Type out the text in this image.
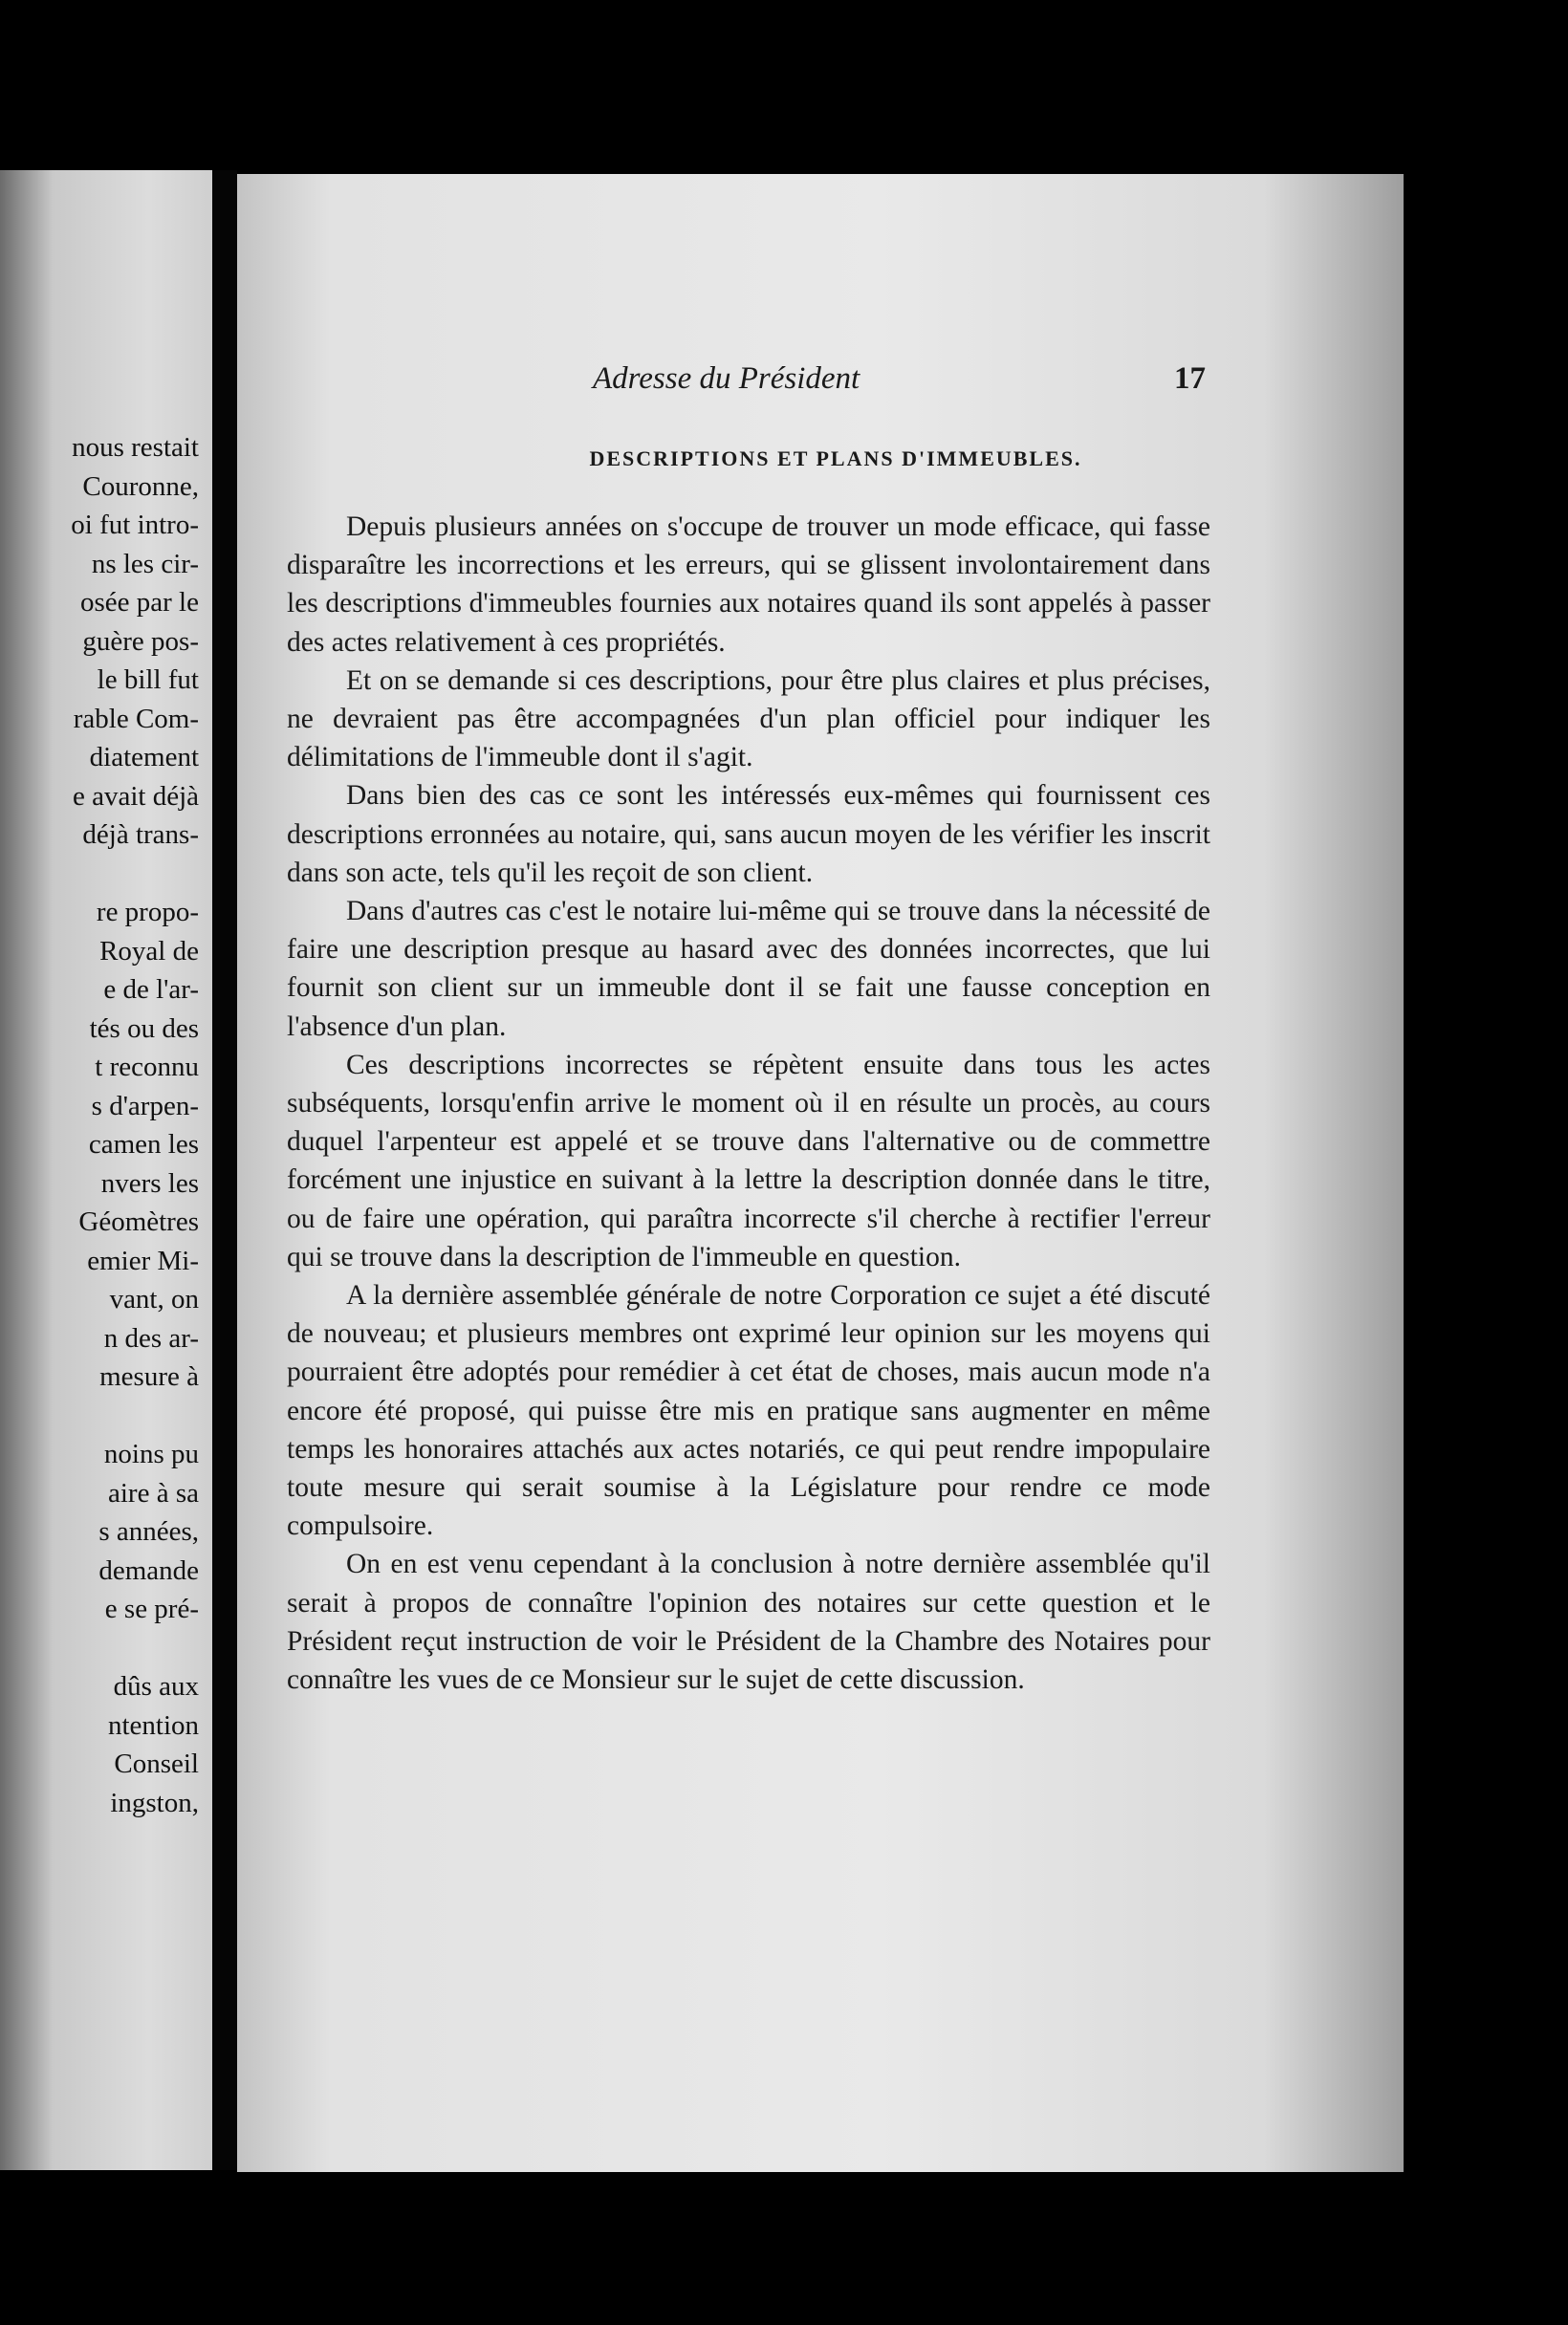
nous restait
Couronne,
oi fut intro-
ns les cir-
osée par le
guère pos-
le bill fut
rable Com-
diatement
e avait déjà
déjà trans-

re propo-
Royal de
e de l'ar-
tés ou des
t reconnu
s d'arpen-
camen les
nvers les
Géomètres
emier Mi-
vant, on
n des ar-
mesure à

noins pu
aire à sa
s années,
demande
e se pré-

dûs aux
ntention
Conseil
ingston,
Adresse du Président	17
DESCRIPTIONS ET PLANS D'IMMEUBLES.

Depuis plusieurs années on s'occupe de trouver un mode efficace, qui fasse disparaître les incorrections et les erreurs, qui se glissent involontairement dans les descriptions d'immeubles fournies aux notaires quand ils sont appelés à passer des actes relativement à ces propriétés.

Et on se demande si ces descriptions, pour être plus claires et plus précises, ne devraient pas être accompagnées d'un plan officiel pour indiquer les délimitations de l'immeuble dont il s'agit.

Dans bien des cas ce sont les intéressés eux-mêmes qui fournissent ces descriptions erronnées au notaire, qui, sans aucun moyen de les vérifier les inscrit dans son acte, tels qu'il les reçoit de son client.

Dans d'autres cas c'est le notaire lui-même qui se trouve dans la nécessité de faire une description presque au hasard avec des données incorrectes, que lui fournit son client sur un immeuble dont il se fait une fausse conception en l'absence d'un plan.

Ces descriptions incorrectes se répètent ensuite dans tous les actes subséquents, lorsqu'enfin arrive le moment où il en résulte un procès, au cours duquel l'arpenteur est appelé et se trouve dans l'alternative ou de commettre forcément une injustice en suivant à la lettre la description donnée dans le titre, ou de faire une opération, qui paraîtra incorrecte s'il cherche à rectifier l'erreur qui se trouve dans la description de l'immeuble en question.

A la dernière assemblée générale de notre Corporation ce sujet a été discuté de nouveau; et plusieurs membres ont exprimé leur opinion sur les moyens qui pourraient être adoptés pour remédier à cet état de choses, mais aucun mode n'a encore été proposé, qui puisse être mis en pratique sans augmenter en même temps les honoraires attachés aux actes notariés, ce qui peut rendre impopulaire toute mesure qui serait soumise à la Législature pour rendre ce mode compulsoire.

On en est venu cependant à la conclusion à notre dernière assemblée qu'il serait à propos de connaître l'opinion des notaires sur cette question et le Président reçut instruction de voir le Président de la Chambre des Notaires pour connaître les vues de ce Monsieur sur le sujet de cette discussion.
